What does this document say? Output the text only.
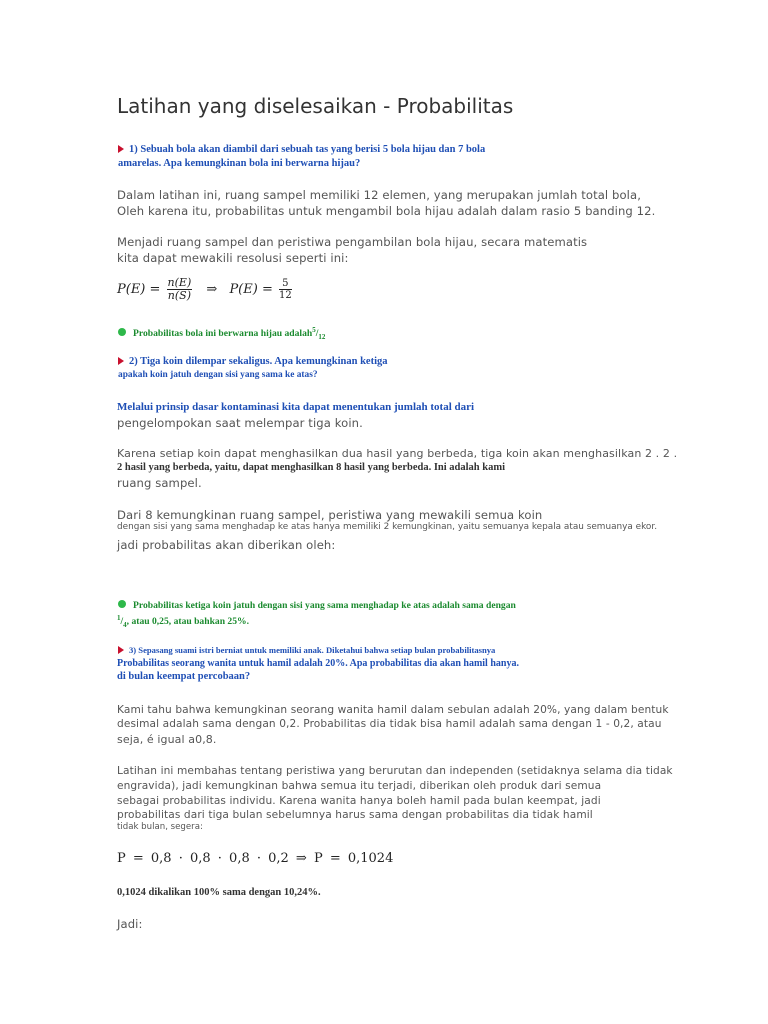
Latihan yang diselesaikan - Probabilitas
1) Sebuah bola akan diambil dari sebuah tas yang berisi 5 bola hijau dan 7 bola
amarelas. Apa kemungkinan bola ini berwarna hijau?
Dalam latihan ini, ruang sampel memiliki 12 elemen, yang merupakan jumlah total bola,
Oleh karena itu, probabilitas untuk mengambil bola hijau adalah dalam rasio 5 banding 12.
Menjadi ruang sampel dan peristiwa pengambilan bola hijau, secara matematis
kita dapat mewakili resolusi seperti ini:
$P(E) = \frac{n(E)}{n(S)}$ ⇒ $P(E) = \frac{5}{12}$
Probabilitas bola ini berwarna hijau $adalah^5/_{12}$
2) Tiga koin dilempar sekaligus. Apa kemungkinan ketiga
apakah koin jatuh dengan sisi yang sama ke atas?
Melalui prinsip dasar kontaminasi kita dapat menentukan jumlah total dari
pengelompokan saat melempar tiga koin.
Karena setiap koin dapat menghasilkan dua hasil yang berbeda, tiga koin akan menghasilkan 2 . 2 .
2 hasil yang berbeda, yaitu, dapat menghasilkan 8 hasil yang berbeda. Ini adalah kami
ruang sampel.
Dari 8 kemungkinan ruang sampel, peristiwa yang mewakili semua koin
dengan sisi yang sama menghadap ke atas hanya memiliki 2 kemungkinan, yaitu semuanya kepala atau semuanya ekor.
jadi probabilitas akan diberikan oleh:
Probabilitas ketiga koin jatuh dengan sisi yang sama menghadap ke atas adalah sama dengan
$^1/_4$, atau 0,25, atau bahkan 25%.
3) Sepasang suami istri berniat untuk memiliki anak. Diketahui bahwa setiap bulan probabilitasnya
Probabilitas seorang wanita untuk hamil adalah 20%. Apa probabilitas dia akan hamil hanya.
di bulan keempat percobaan?
Kami tahu bahwa kemungkinan seorang wanita hamil dalam sebulan adalah 20%, yang dalam bentuk
desimal adalah sama dengan 0,2. Probabilitas dia tidak bisa hamil adalah sama dengan 1 - 0,2, atau
seja, é igual a0,8.
Latihan ini membahas tentang peristiwa yang berurutan dan independen (setidaknya selama dia tidak
engravida), jadi kemungkinan bahwa semua itu terjadi, diberikan oleh produk dari semua
sebagai probabilitas individu. Karena wanita hanya boleh hamil pada bulan keempat, jadi
probabilitas dari tiga bulan sebelumnya harus sama dengan probabilitas dia tidak hamil
tidak bulan, segera:
P = 0,8 · 0,8 · 0,8 · 0,2 ⇒ P = 0,1024
0,1024 dikalikan 100% sama dengan 10,24%.
Jadi:
